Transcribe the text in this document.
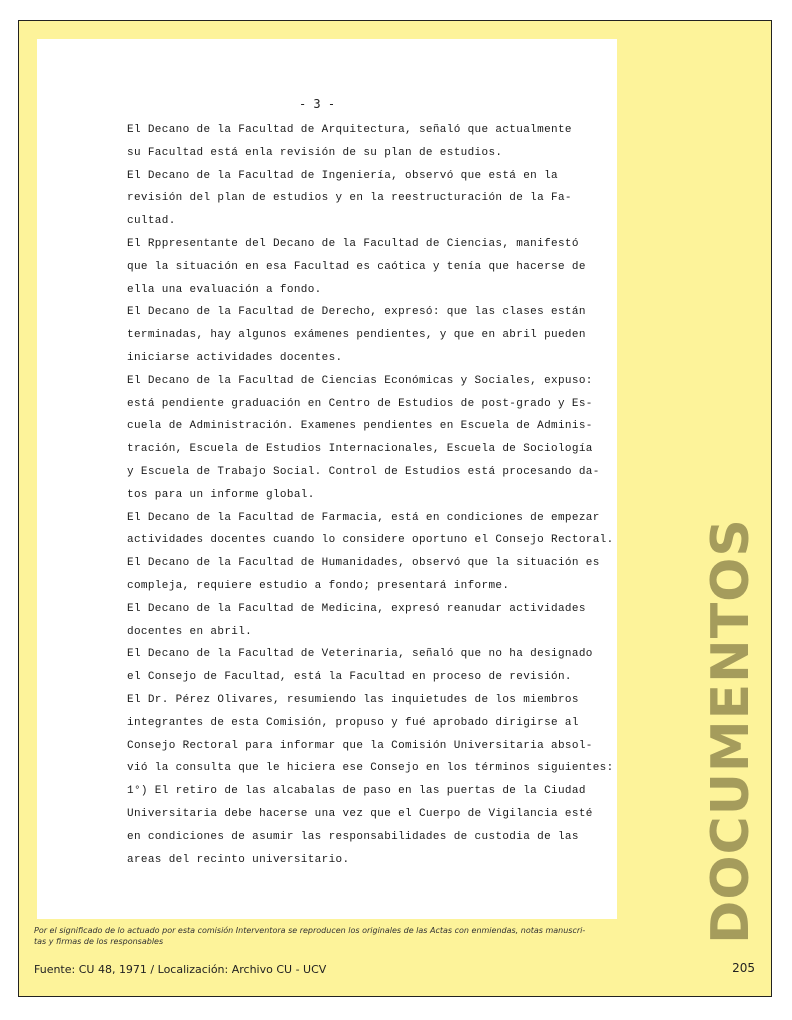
- 3 -
El Decano de la Facultad de Arquitectura, señaló que actualmente
su Facultad está enla revisión de su plan de estudios.
El Decano de la Facultad de Ingeniería, observó que está en la
revisión del plan de estudios y en la reestructuración de la Fa-
cultad.
El Rppresentante del Decano de la Facultad de Ciencias, manifestó
que la situación en esa Facultad es caótica y tenía que hacerse de
ella una evaluación a fondo.
El Decano de la Facultad de Derecho, expresó: que las clases están
terminadas, hay algunos exámenes pendientes, y que en abril pueden
iniciarse actividades docentes.
El Decano de la Facultad de Ciencias Económicas y Sociales, expuso:
está pendiente graduación en Centro de Estudios de post-grado y Es-
cuela de Administración. Examenes pendientes en Escuela de Adminis-
tración, Escuela de Estudios Internacionales, Escuela de Sociología
y Escuela de Trabajo Social. Control de Estudios está procesando da-
tos para un informe global.
El Decano de la Facultad de Farmacia, está en condiciones de empezar
actividades docentes cuando lo considere oportuno el Consejo Rectoral.
El Decano de la Facultad de Humanidades, observó que la situación es
compleja, requiere estudio a fondo; presentará informe.
El Decano de la Facultad de Medicina, expresó reanudar actividades
docentes en abril.
El Decano de la Facultad de Veterinaria, señaló que no ha designado
el Consejo de Facultad, está la Facultad en proceso de revisión.
El Dr. Pérez Olivares, resumiendo las inquietudes de los miembros
integrantes de esta Comisión, propuso y fué aprobado dirigirse al
Consejo Rectoral para informar que la Comisión Universitaria absol-
vió la consulta que le hiciera ese Consejo en los términos siguientes:
1°) El retiro de las alcabalas de paso en las puertas de la Ciudad
Universitaria debe hacerse una vez que el Cuerpo de Vigilancia esté
en condiciones de asumir las responsabilidades de custodia de las
areas del recinto universitario.	DOCUMENTOS
Por el significado de lo actuado por esta comisión Interventora se reproducen los originales de las Actas con enmiendas, notas manuscri-tas y firmas de los responsables
Fuente: CU 48, 1971 / Localización: Archivo CU - UCV	205
